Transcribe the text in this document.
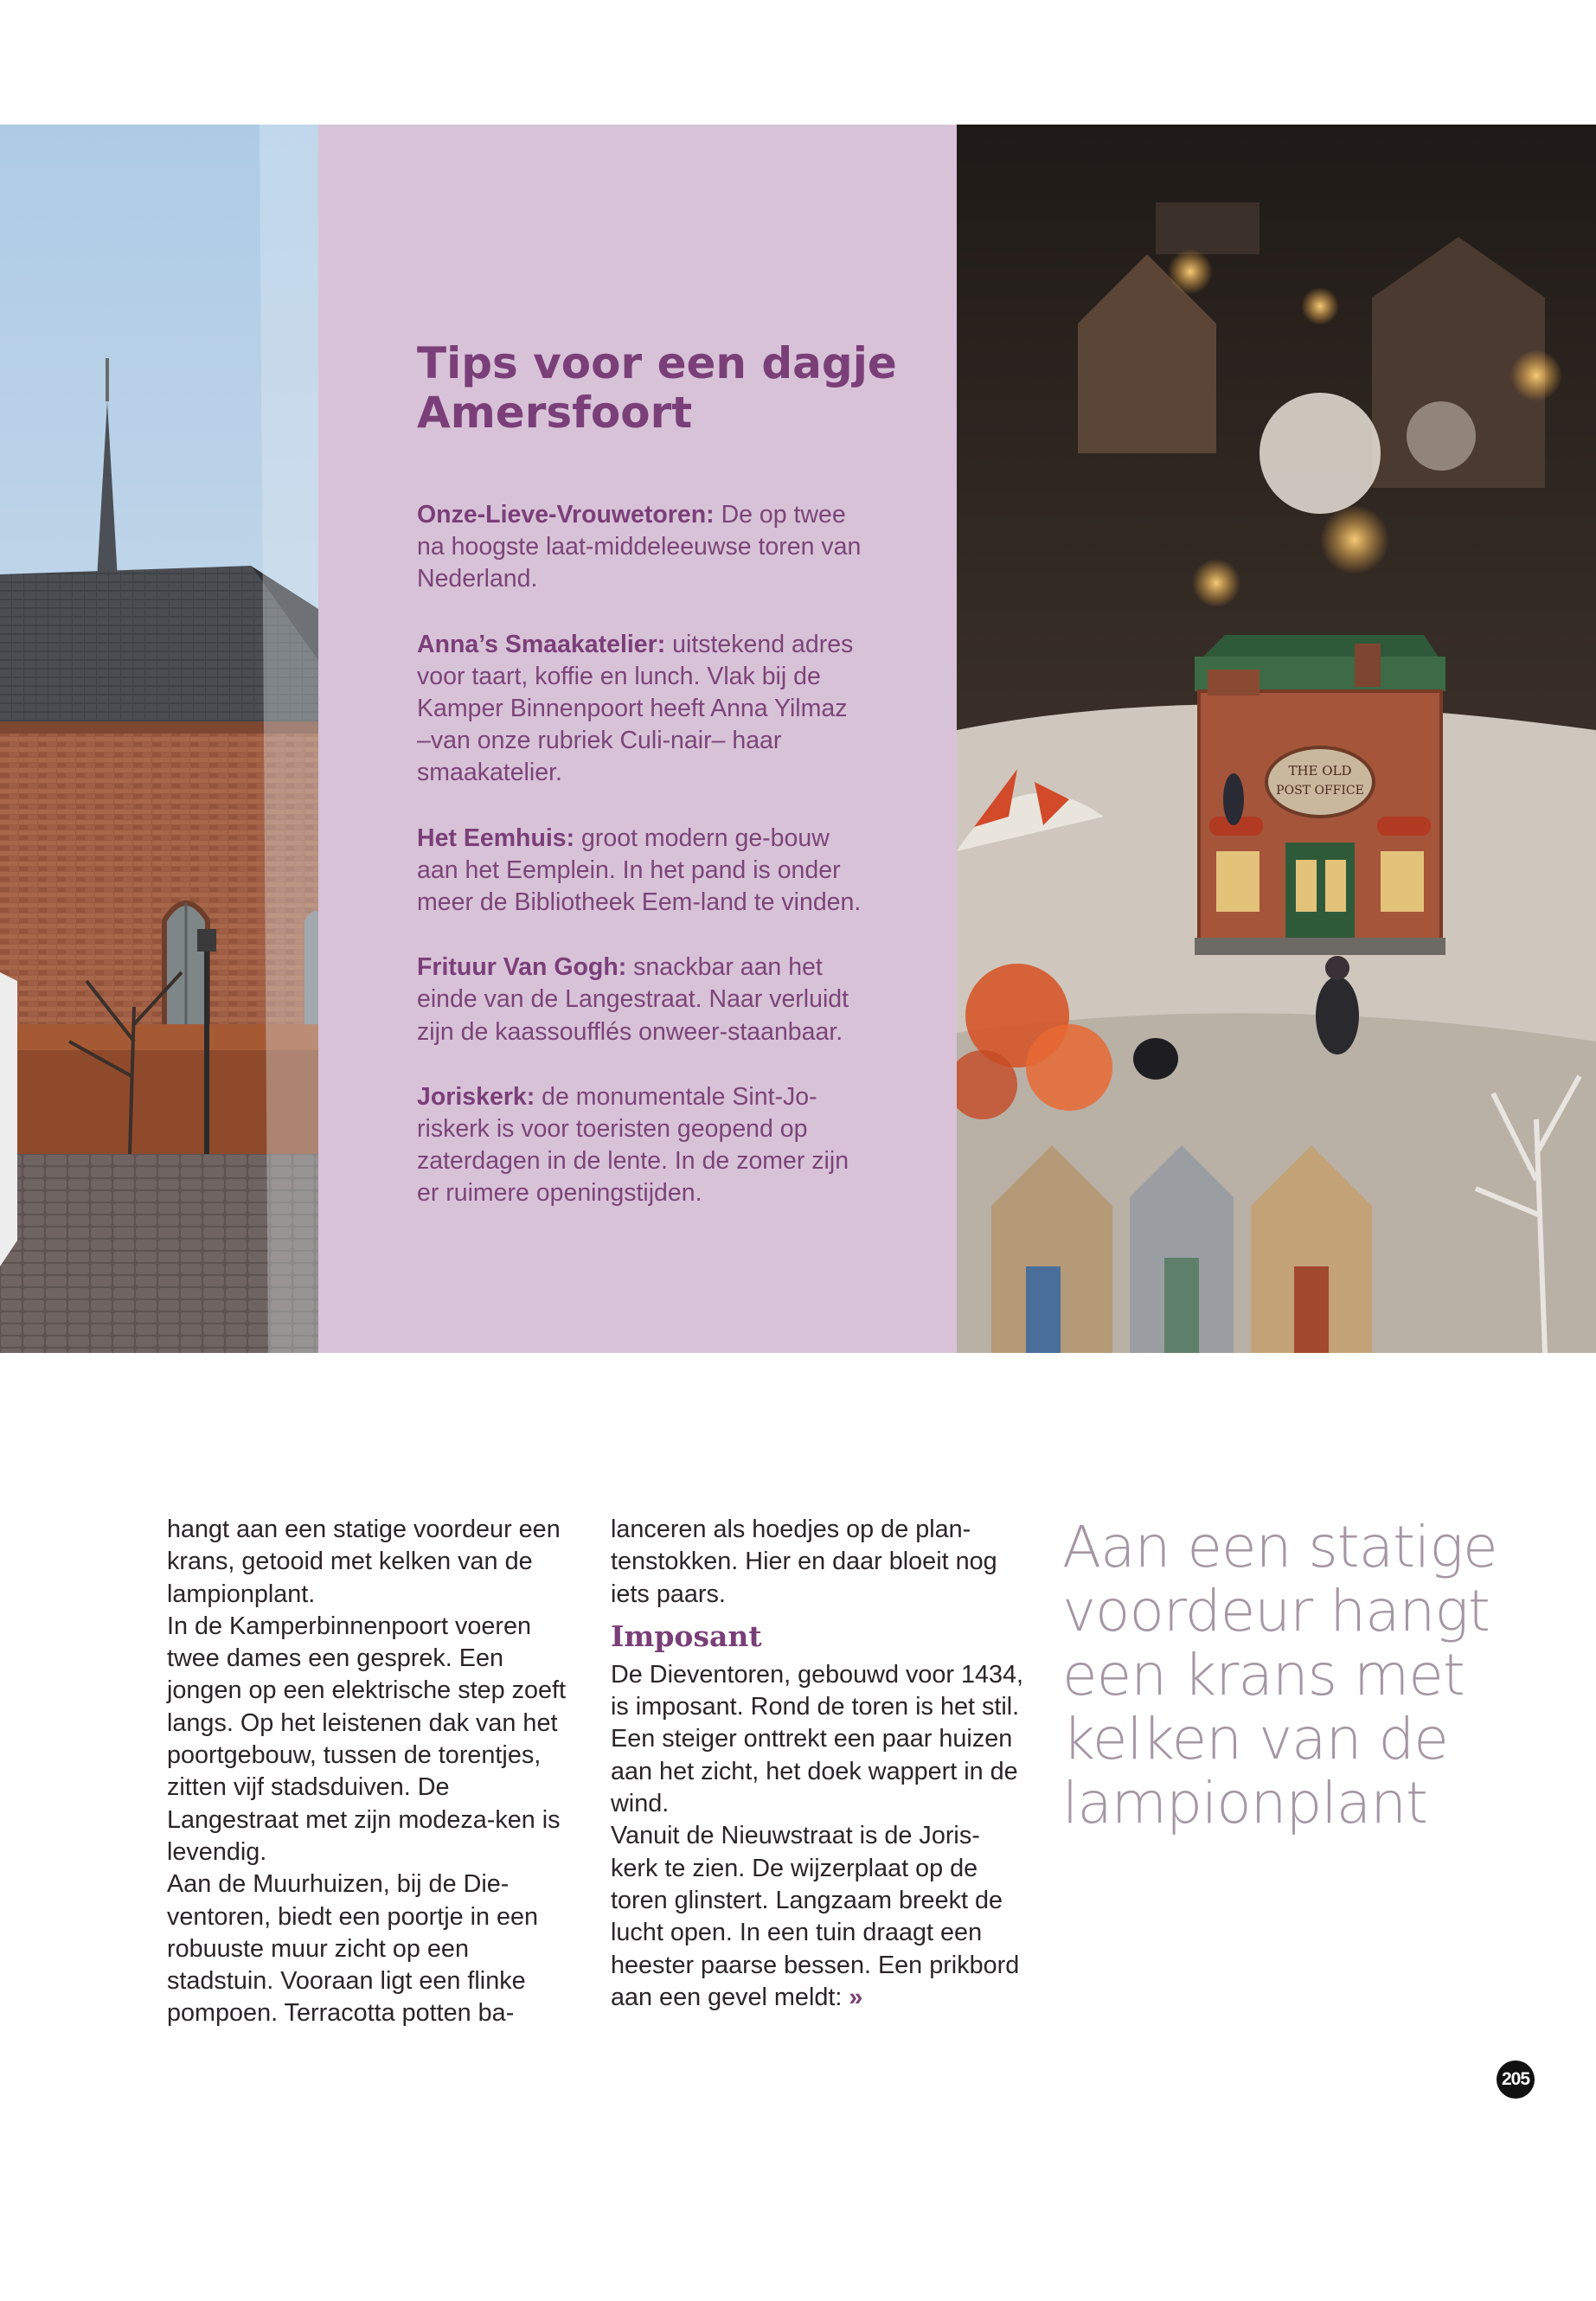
Tips voor een dagje Amersfoort

Onze-Lieve-Vrouwetoren: De op twee na hoogste laat-middeleeuwse toren van Nederland.

Anna’s Smaakatelier: uitstekend adres voor taart, koffie en lunch. Vlak bij de Kamper Binnenpoort heeft Anna Yilmaz –van onze rubriek Culi-nair– haar smaakatelier.

Het Eemhuis: groot modern ge-bouw aan het Eemplein. In het pand is onder meer de Bibliotheek Eem-land te vinden.

Frituur Van Gogh: snackbar aan het einde van de Langestraat. Naar verluidt zijn de kaassoufflés onweer-staanbaar.

Joriskerk: de monumentale Sint-Jo-riskerk is voor toeristen geopend op zaterdagen in de lente. In de zomer zijn er ruimere openingstijden.

THE OLD
POST OFFICE

hangt aan een statige voordeur een krans, getooid met kelken van de lampionplant.

In de Kamperbinnenpoort voeren twee dames een gesprek. Een jongen op een elektrische step zoeft langs. Op het leistenen dak van het poortgebouw, tussen de torentjes, zitten vijf stadsduiven. De Langestraat met zijn modeza-ken is levendig.

Aan de Muurhuizen, bij de Die-ventoren, biedt een poortje in een robuuste muur zicht op een stadstuin. Vooraan ligt een flinke pompoen. Terracotta potten ba-

lanceren als hoedjes op de plan-tenstokken. Hier en daar bloeit nog iets paars.

Imposant

De Dieventoren, gebouwd voor 1434, is imposant. Rond de toren is het stil. Een steiger onttrekt een paar huizen aan het zicht, het doek wappert in de wind.

Vanuit de Nieuwstraat is de Joris-kerk te zien. De wijzerplaat op de toren glinstert. Langzaam breekt de lucht open. In een tuin draagt een heester paarse bessen. Een prikbord aan een gevel meldt: »

Aan een statige voordeur hangt een krans met kelken van de lampionplant

205
